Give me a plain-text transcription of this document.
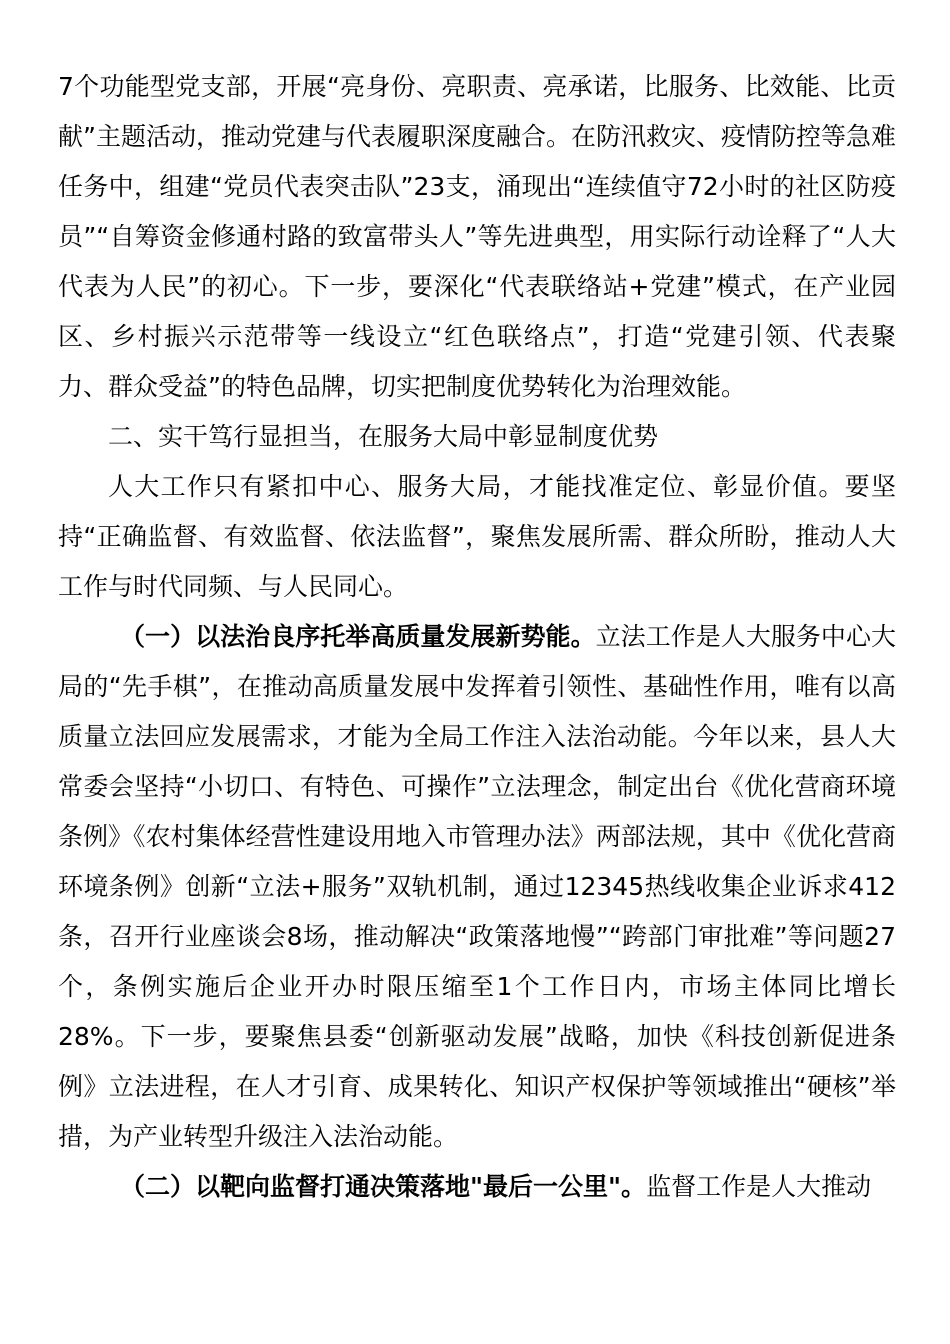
7个功能型党支部，开展“亮身份、亮职责、亮承诺，比服务、比效能、比贡献”主题活动，推动党建与代表履职深度融合。在防汛救灾、疫情防控等急难任务中，组建“党员代表突击队”23支，涌现出“连续值守72小时的社区防疫员”“自筹资金修通村路的致富带头人”等先进典型，用实际行动诠释了“人大代表为人民”的初心。下一步，要深化“代表联络站+党建”模式，在产业园区、乡村振兴示范带等一线设立“红色联络点”，打造“党建引领、代表聚力、群众受益”的特色品牌，切实把制度优势转化为治理效能。

二、实干笃行显担当，在服务大局中彰显制度优势

人大工作只有紧扣中心、服务大局，才能找准定位、彰显价值。要坚持“正确监督、有效监督、依法监督”，聚焦发展所需、群众所盼，推动人大工作与时代同频、与人民同心。

（一）以法治良序托举高质量发展新势能。立法工作是人大服务中心大局的“先手棋”，在推动高质量发展中发挥着引领性、基础性作用，唯有以高质量立法回应发展需求，才能为全局工作注入法治动能。今年以来，县人大常委会坚持“小切口、有特色、可操作”立法理念，制定出台《优化营商环境条例》《农村集体经营性建设用地入市管理办法》两部法规，其中《优化营商环境条例》创新“立法+服务”双轨机制，通过12345热线收集企业诉求412条，召开行业座谈会8场，推动解决“政策落地慢”“跨部门审批难”等问题27个，条例实施后企业开办时限压缩至1个工作日内，市场主体同比增长28%。下一步，要聚焦县委“创新驱动发展”战略，加快《科技创新促进条例》立法进程，在人才引育、成果转化、知识产权保护等领域推出“硬核”举措，为产业转型升级注入法治动能。

（二）以靶向监督打通决策落地"最后一公里"。监督工作是人大推动
